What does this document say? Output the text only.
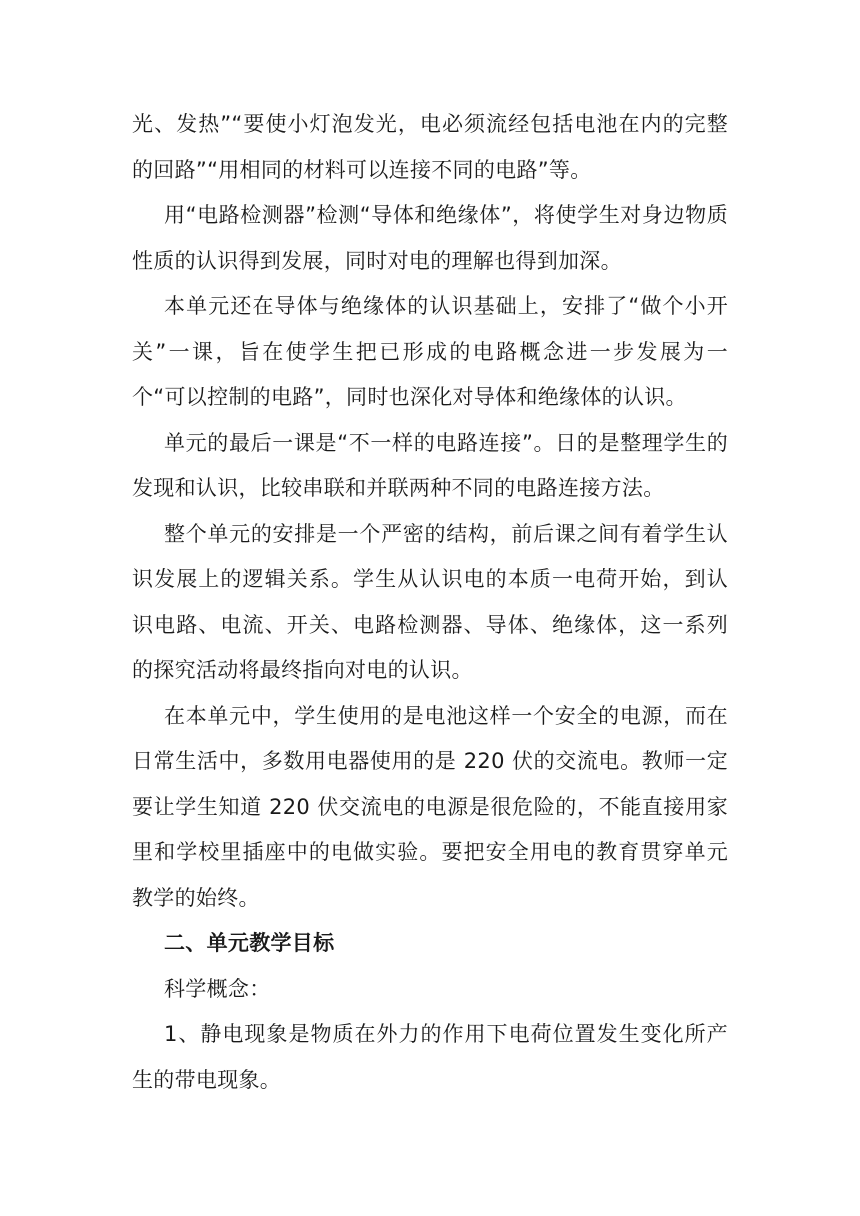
光、发热”“要使小灯泡发光，电必须流经包括电池在内的完整的回路”“用相同的材料可以连接不同的电路”等。

用“电路检测器”检测“导体和绝缘体”，将使学生对身边物质性质的认识得到发展，同时对电的理解也得到加深。

本单元还在导体与绝缘体的认识基础上，安排了“做个小开关”一课，旨在使学生把已形成的电路概念进一步发展为一个“可以控制的电路”，同时也深化对导体和绝缘体的认识。

单元的最后一课是“不一样的电路连接”。日的是整理学生的发现和认识，比较串联和并联两种不同的电路连接方法。

整个单元的安排是一个严密的结构，前后课之间有着学生认识发展上的逻辑关系。学生从认识电的本质一电荷开始，到认识电路、电流、开关、电路检测器、导体、绝缘体，这一系列的探究活动将最终指向对电的认识。

在本单元中，学生使用的是电池这样一个安全的电源，而在日常生活中，多数用电器使用的是 220 伏的交流电。教师一定要让学生知道 220 伏交流电的电源是很危险的，不能直接用家里和学校里插座中的电做实验。要把安全用电的教育贯穿单元教学的始终。

二、单元教学目标

科学概念：

1、静电现象是物质在外力的作用下电荷位置发生变化所产生的带电现象。
